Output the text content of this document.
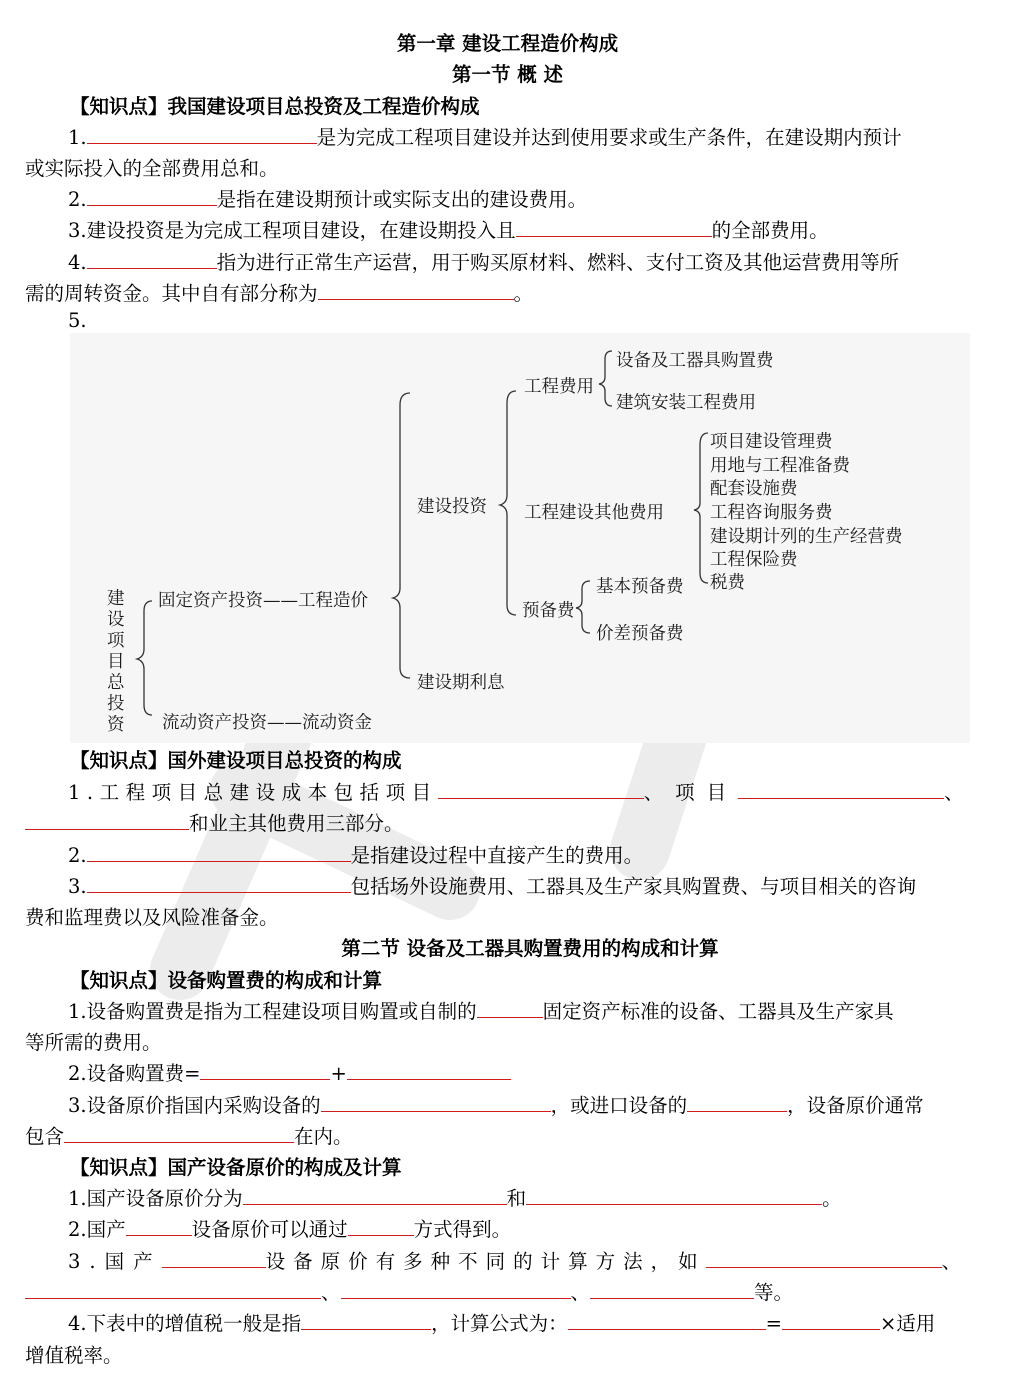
第一章 建设工程造价构成
第一节 概 述
【知识点】我国建设项目总投资及工程造价构成
1.	是为完成工程项目建设并达到使用要求或生产条件，在建设期内预计
或实际投入的全部费用总和。
2.	是指在建设期预计或实际支出的建设费用。
3.建设投资是为完成工程项目建设，在建设期投入且	的全部费用。
4.	指为进行正常生产运营，用于购买原材料、燃料、支付工资及其他运营费用等所
需的周转资金。其中自有部分称为	。
5.
建设项目总投资
固定资产投资——工程造价
流动资产投资——流动资金
建设投资
建设期利息
工程费用
工程建设其他费用
预备费
设备及工器具购置费
建筑安装工程费用
项目建设管理费
用地与工程准备费
配套设施费
工程咨询服务费
建设期计列的生产经营费
工程保险费
税费
基本预备费
价差预备费
【知识点】国外建设项目总投资的构成
1.工程项目总建设成本包括项目	、项目	、
和业主其他费用三部分。
2.	是指建设过程中直接产生的费用。
3.	包括场外设施费用、工器具及生产家具购置费、与项目相关的咨询
费和监理费以及风险准备金。
第二节 设备及工器具购置费用的构成和计算
【知识点】设备购置费的构成和计算
1.设备购置费是指为工程建设项目购置或自制的	固定资产标准的设备、工器具及生产家具
等所需的费用。
2.设备购置费=	+
3.设备原价指国内采购设备的	，或进口设备的	，设备原价通常
包含	在内。
【知识点】国产设备原价的构成及计算
1.国产设备原价分为	和	。
2.国产	设备原价可以通过	方式得到。
3.国产	设备原价有多种不同的计算方法，如	、
、	、	等。
4.下表中的增值税一般是指	，计算公式为：	=	×适用
增值税率。
